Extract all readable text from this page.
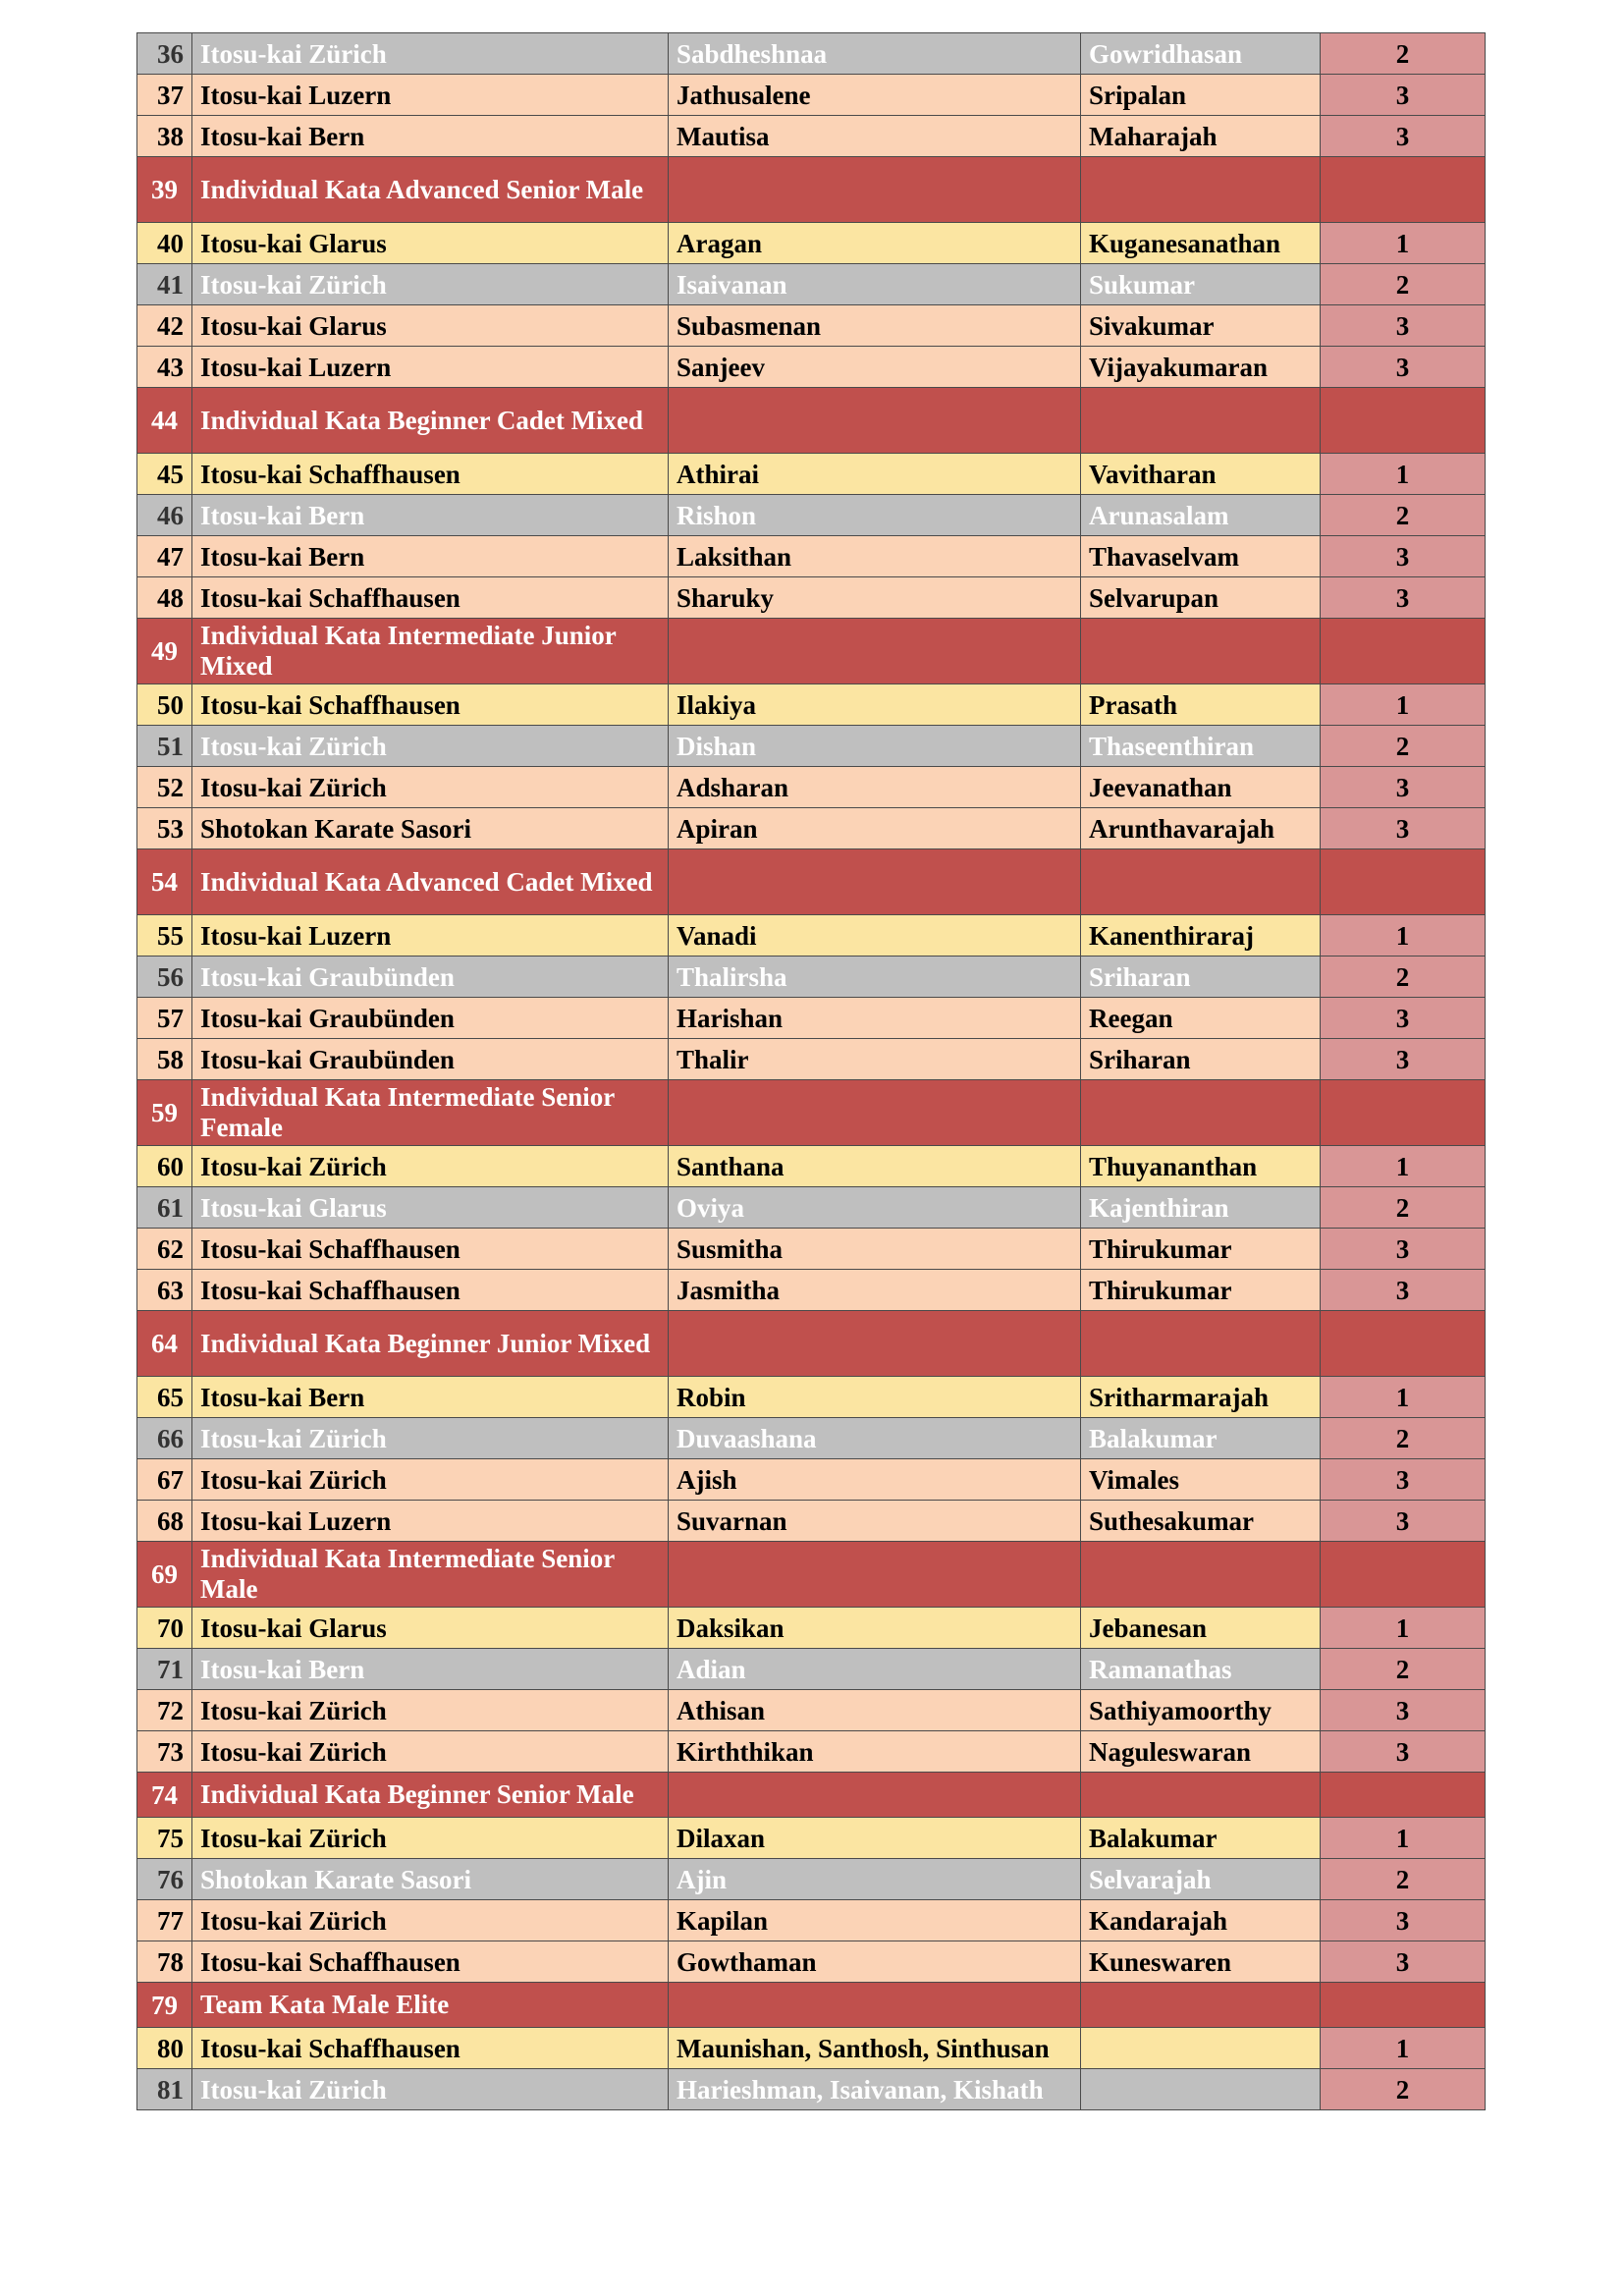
36	Itosu-kai Zürich	Sabdheshnaa	Gowridhasan	2
37	Itosu-kai Luzern	Jathusalene	Sripalan	3
38	Itosu-kai Bern	Mautisa	Maharajah	3
39	Individual Kata Advanced Senior Male			
40	Itosu-kai Glarus	Aragan	Kuganesanathan	1
41	Itosu-kai Zürich	Isaivanan	Sukumar	2
42	Itosu-kai Glarus	Subasmenan	Sivakumar	3
43	Itosu-kai Luzern	Sanjeev	Vijayakumaran	3
44	Individual Kata Beginner Cadet Mixed			
45	Itosu-kai Schaffhausen	Athirai	Vavitharan	1
46	Itosu-kai Bern	Rishon	Arunasalam	2
47	Itosu-kai Bern	Laksithan	Thavaselvam	3
48	Itosu-kai Schaffhausen	Sharuky	Selvarupan	3
49	Individual Kata Intermediate Junior Mixed			
50	Itosu-kai Schaffhausen	Ilakiya	Prasath	1
51	Itosu-kai Zürich	Dishan	Thaseenthiran	2
52	Itosu-kai Zürich	Adsharan	Jeevanathan	3
53	Shotokan Karate Sasori	Apiran	Arunthavarajah	3
54	Individual Kata Advanced Cadet Mixed			
55	Itosu-kai Luzern	Vanadi	Kanenthiraraj	1
56	Itosu-kai Graubünden	Thalirsha	Sriharan	2
57	Itosu-kai Graubünden	Harishan	Reegan	3
58	Itosu-kai Graubünden	Thalir	Sriharan	3
59	Individual Kata Intermediate Senior Female			
60	Itosu-kai Zürich	Santhana	Thuyananthan	1
61	Itosu-kai Glarus	Oviya	Kajenthiran	2
62	Itosu-kai Schaffhausen	Susmitha	Thirukumar	3
63	Itosu-kai Schaffhausen	Jasmitha	Thirukumar	3
64	Individual Kata Beginner Junior Mixed			
65	Itosu-kai Bern	Robin	Sritharmarajah	1
66	Itosu-kai Zürich	Duvaashana	Balakumar	2
67	Itosu-kai Zürich	Ajish	Vimales	3
68	Itosu-kai Luzern	Suvarnan	Suthesakumar	3
69	Individual Kata Intermediate Senior Male			
70	Itosu-kai Glarus	Daksikan	Jebanesan	1
71	Itosu-kai Bern	Adian	Ramanathas	2
72	Itosu-kai Zürich	Athisan	Sathiyamoorthy	3
73	Itosu-kai Zürich	Kirththikan	Naguleswaran	3
74	Individual Kata Beginner Senior Male			
75	Itosu-kai Zürich	Dilaxan	Balakumar	1
76	Shotokan Karate Sasori	Ajin	Selvarajah	2
77	Itosu-kai Zürich	Kapilan	Kandarajah	3
78	Itosu-kai Schaffhausen	Gowthaman	Kuneswaren	3
79	Team Kata Male Elite			
80	Itosu-kai Schaffhausen	Maunishan, Santhosh, Sinthusan		1
81	Itosu-kai Zürich	Harieshman, Isaivanan, Kishath		2
